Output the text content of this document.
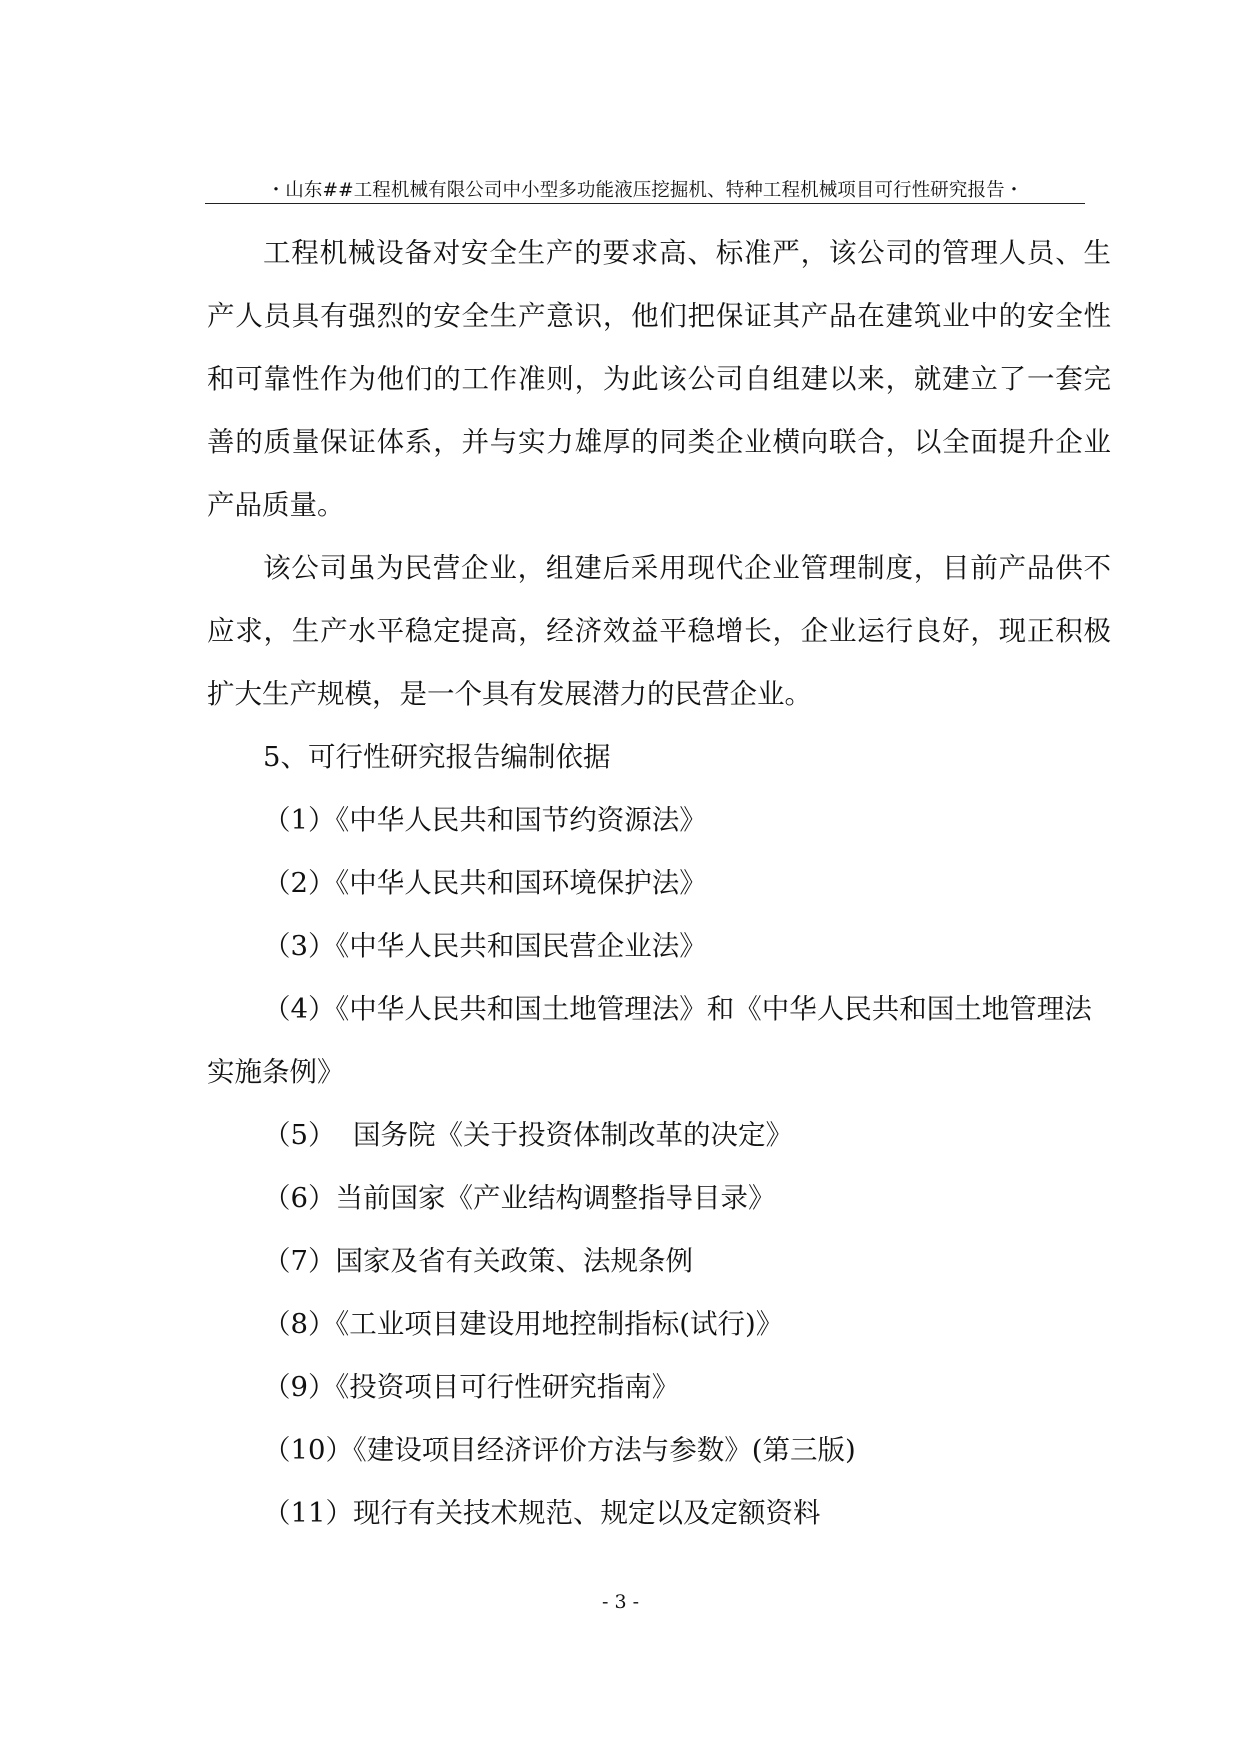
・山东##工程机械有限公司中小型多功能液压挖掘机、特种工程机械项目可行性研究报告・

工程机械设备对安全生产的要求高、标准严，该公司的管理人员、生产人员具有强烈的安全生产意识，他们把保证其产品在建筑业中的安全性和可靠性作为他们的工作准则，为此该公司自组建以来，就建立了一套完善的质量保证体系，并与实力雄厚的同类企业横向联合，以全面提升企业产品质量。

该公司虽为民营企业，组建后采用现代企业管理制度，目前产品供不应求，生产水平稳定提高，经济效益平稳增长，企业运行良好，现正积极扩大生产规模，是一个具有发展潜力的民营企业。

5、可行性研究报告编制依据

（1）《中华人民共和国节约资源法》

（2）《中华人民共和国环境保护法》

（3）《中华人民共和国民营企业法》

（4）《中华人民共和国土地管理法》和《中华人民共和国土地管理法实施条例》

（5）  国务院《关于投资体制改革的决定》

（6）当前国家《产业结构调整指导目录》

（7）国家及省有关政策、法规条例

（8）《工业项目建设用地控制指标(试行)》

（9）《投资项目可行性研究指南》

（10）《建设项目经济评价方法与参数》(第三版)

（11）现行有关技术规范、规定以及定额资料

- 3 -
